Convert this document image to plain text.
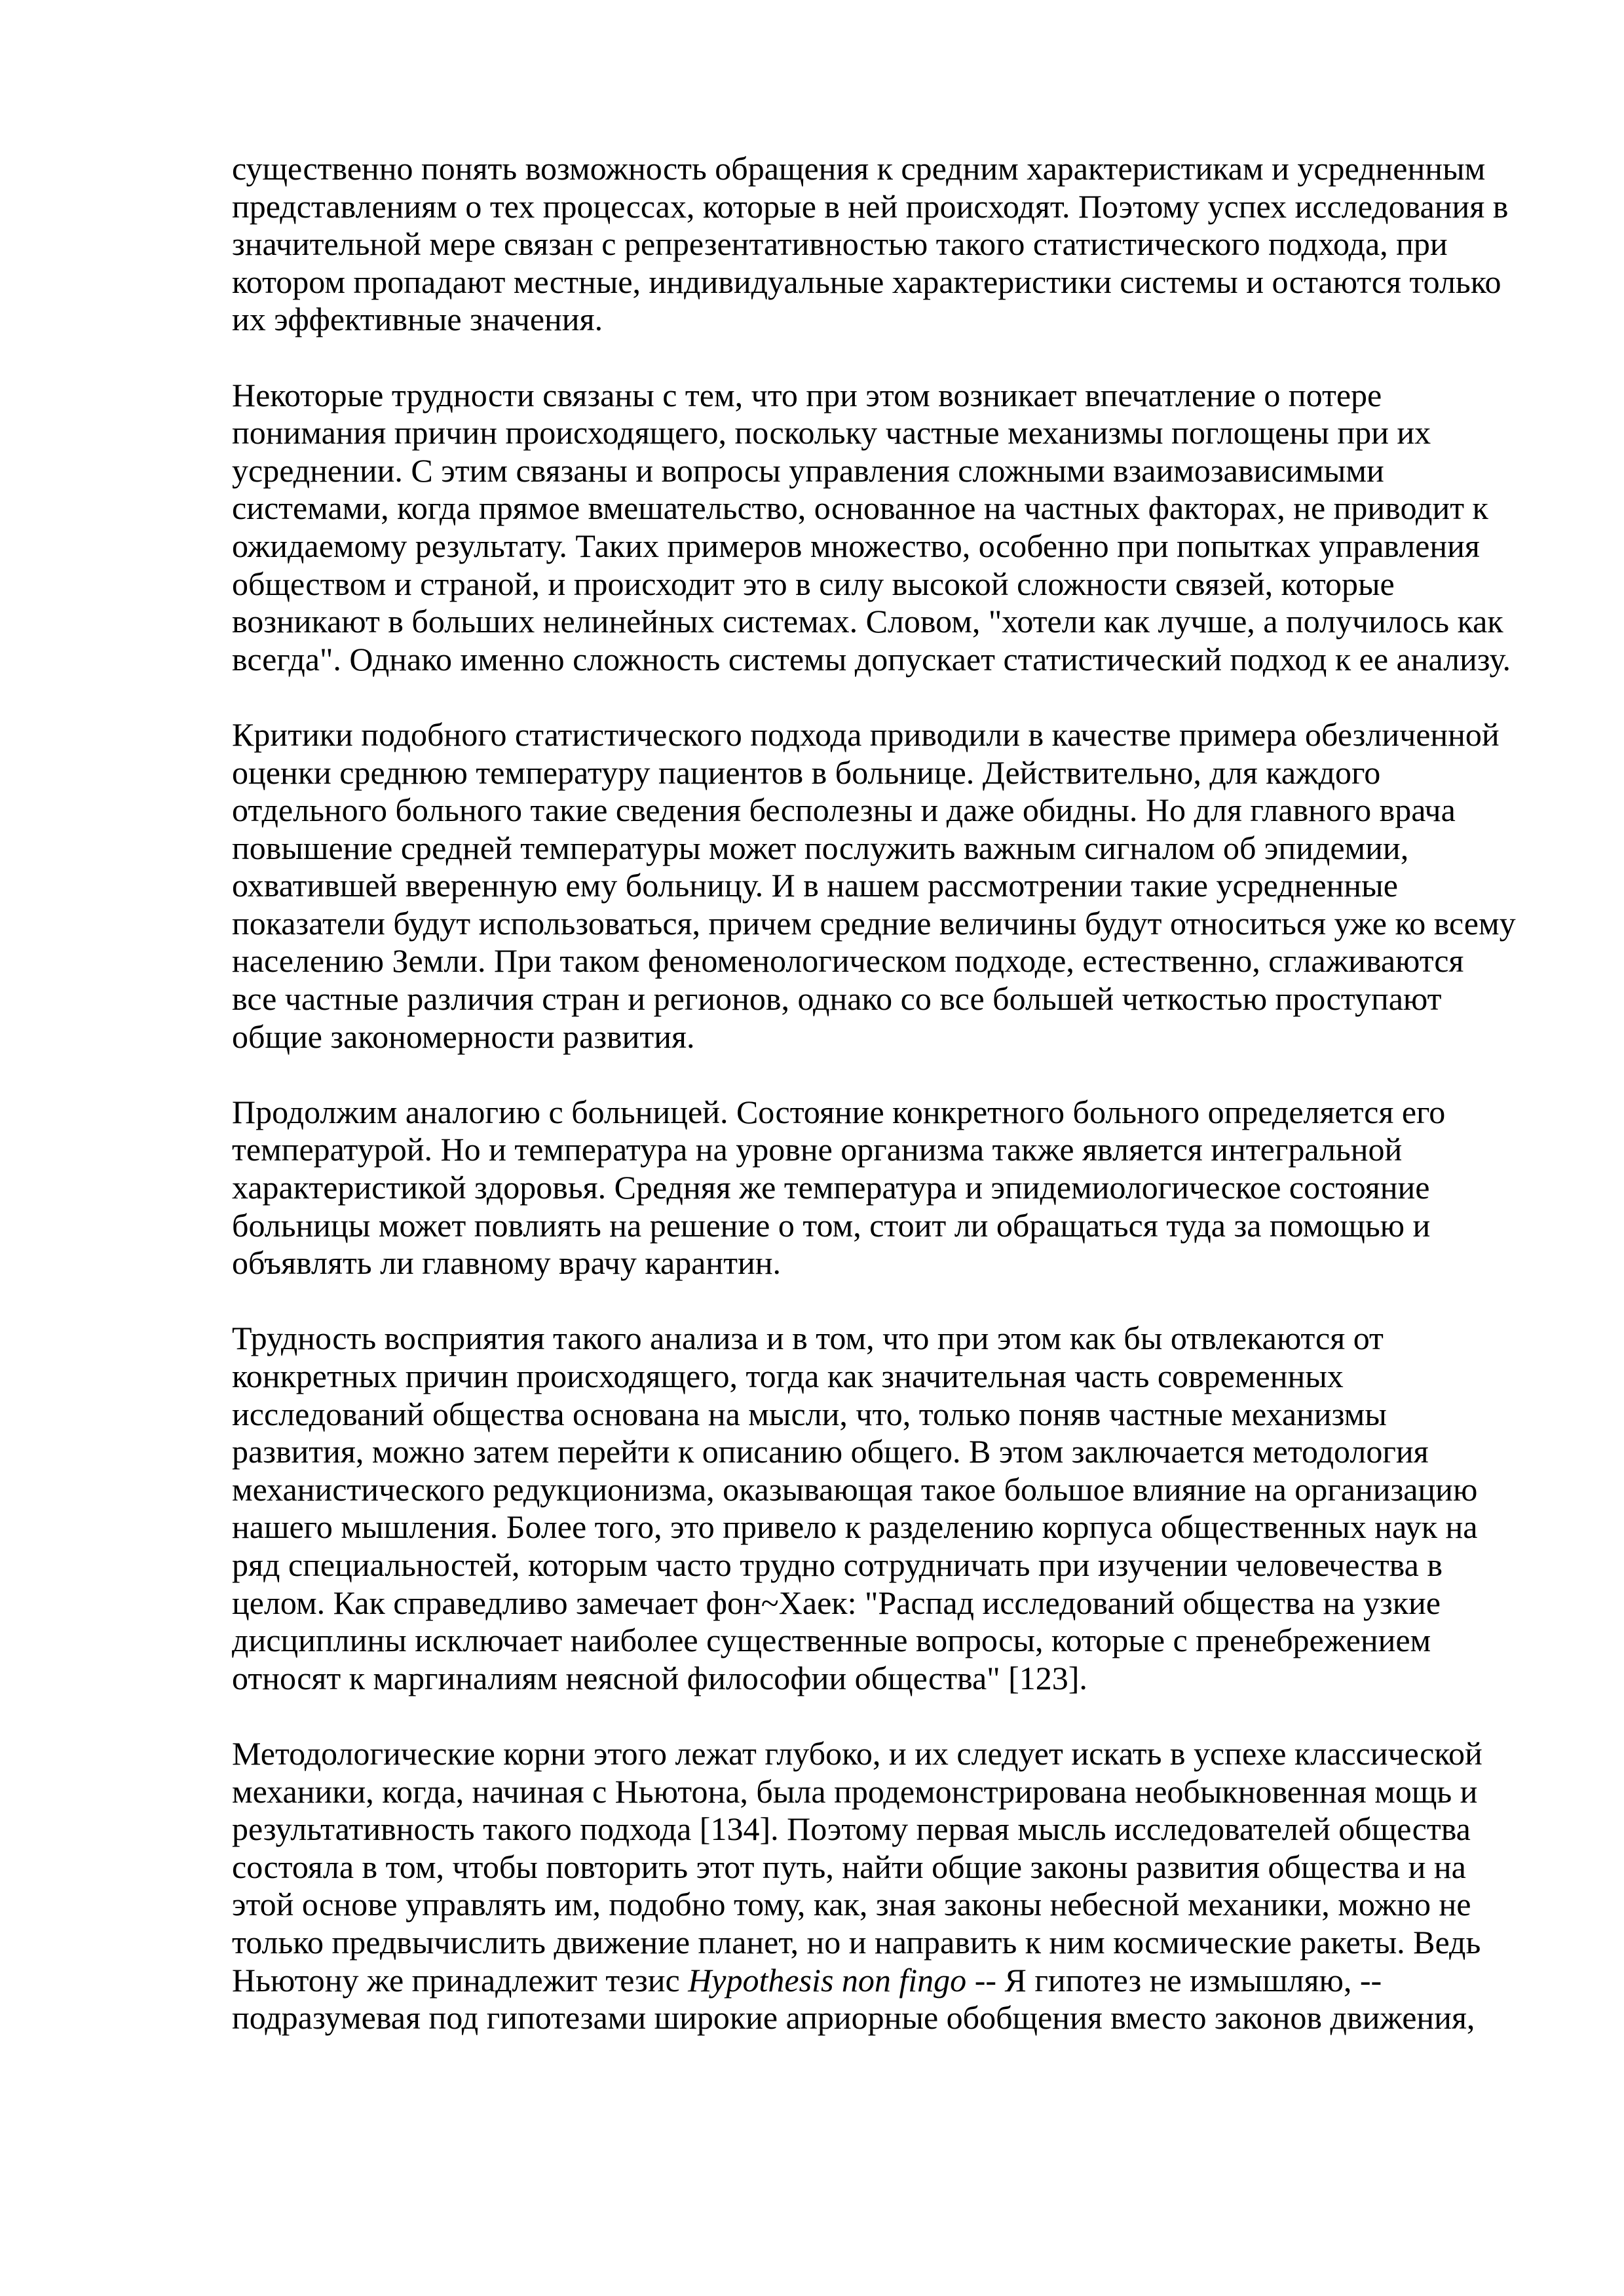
существенно понять возможность обращения к средним характеристикам и усредненным представлениям о тех процессах, которые в ней происходят. Поэтому успех исследования в значительной мере связан с репрезентативностью такого статистического подхода, при котором пропадают местные, индивидуальные характеристики системы и остаются только их эффективные значения.

Некоторые трудности связаны с тем, что при этом возникает впечатление о потере понимания причин происходящего, поскольку частные механизмы поглощены при их усреднении. С этим связаны и вопросы управления сложными взаимозависимыми системами, когда прямое вмешательство, основанное на частных факторах, не приводит к ожидаемому результату. Таких примеров множество, особенно при попытках управления обществом и страной, и происходит это в силу высокой сложности связей, которые возникают в больших нелинейных системах. Словом, "хотели как лучше, а получилось как всегда". Однако именно сложность системы допускает статистический подход к ее анализу.

Критики подобного статистического подхода приводили в качестве примера обезличенной оценки среднюю температуру пациентов в больнице. Действительно, для каждого отдельного больного такие сведения бесполезны и даже обидны. Но для главного врача повышение средней температуры может послужить важным сигналом об эпидемии, охватившей вверенную ему больницу. И в нашем рассмотрении такие усредненные показатели будут использоваться, причем средние величины будут относиться уже ко всему населению Земли. При таком феноменологическом подходе, естественно, сглаживаются все частные различия стран и регионов, однако со все большей четкостью проступают общие закономерности развития.

Продолжим аналогию с больницей. Состояние конкретного больного определяется его температурой. Но и температура на уровне организма также является интегральной характеристикой здоровья. Средняя же температура и эпидемиологическое состояние больницы может повлиять на решение о том, стоит ли обращаться туда за помощью и объявлять ли главному врачу карантин.

Трудность восприятия такого анализа и в том, что при этом как бы отвлекаются от конкретных причин происходящего, тогда как значительная часть современных исследований общества основана на мысли, что, только поняв частные механизмы развития, можно затем перейти к описанию общего. В этом заключается методология механистического редукционизма, оказывающая такое большое влияние на организацию нашего мышления. Более того, это привело к разделению корпуса общественных наук на ряд специальностей, которым часто трудно сотрудничать при изучении человечества в целом. Как справедливо замечает фон~Хаек: "Распад исследований общества на узкие дисциплины исключает наиболее существенные вопросы, которые с пренебрежением относят к маргиналиям неясной философии общества" [123].

Методологические корни этого лежат глубоко, и их следует искать в успехе классической механики, когда, начиная с Ньютона, была продемонстрирована необыкновенная мощь и результативность такого подхода [134]. Поэтому первая мысль исследователей общества состояла в том, чтобы повторить этот путь, найти общие законы развития общества и на этой основе управлять им, подобно тому, как, зная законы небесной механики, можно не только предвычислить движение планет, но и направить к ним космические ракеты. Ведь Ньютону же принадлежит тезис Hypothesis non fingo -- Я гипотез не измышляю, -- подразумевая под гипотезами широкие априорные обобщения вместо законов движения,
